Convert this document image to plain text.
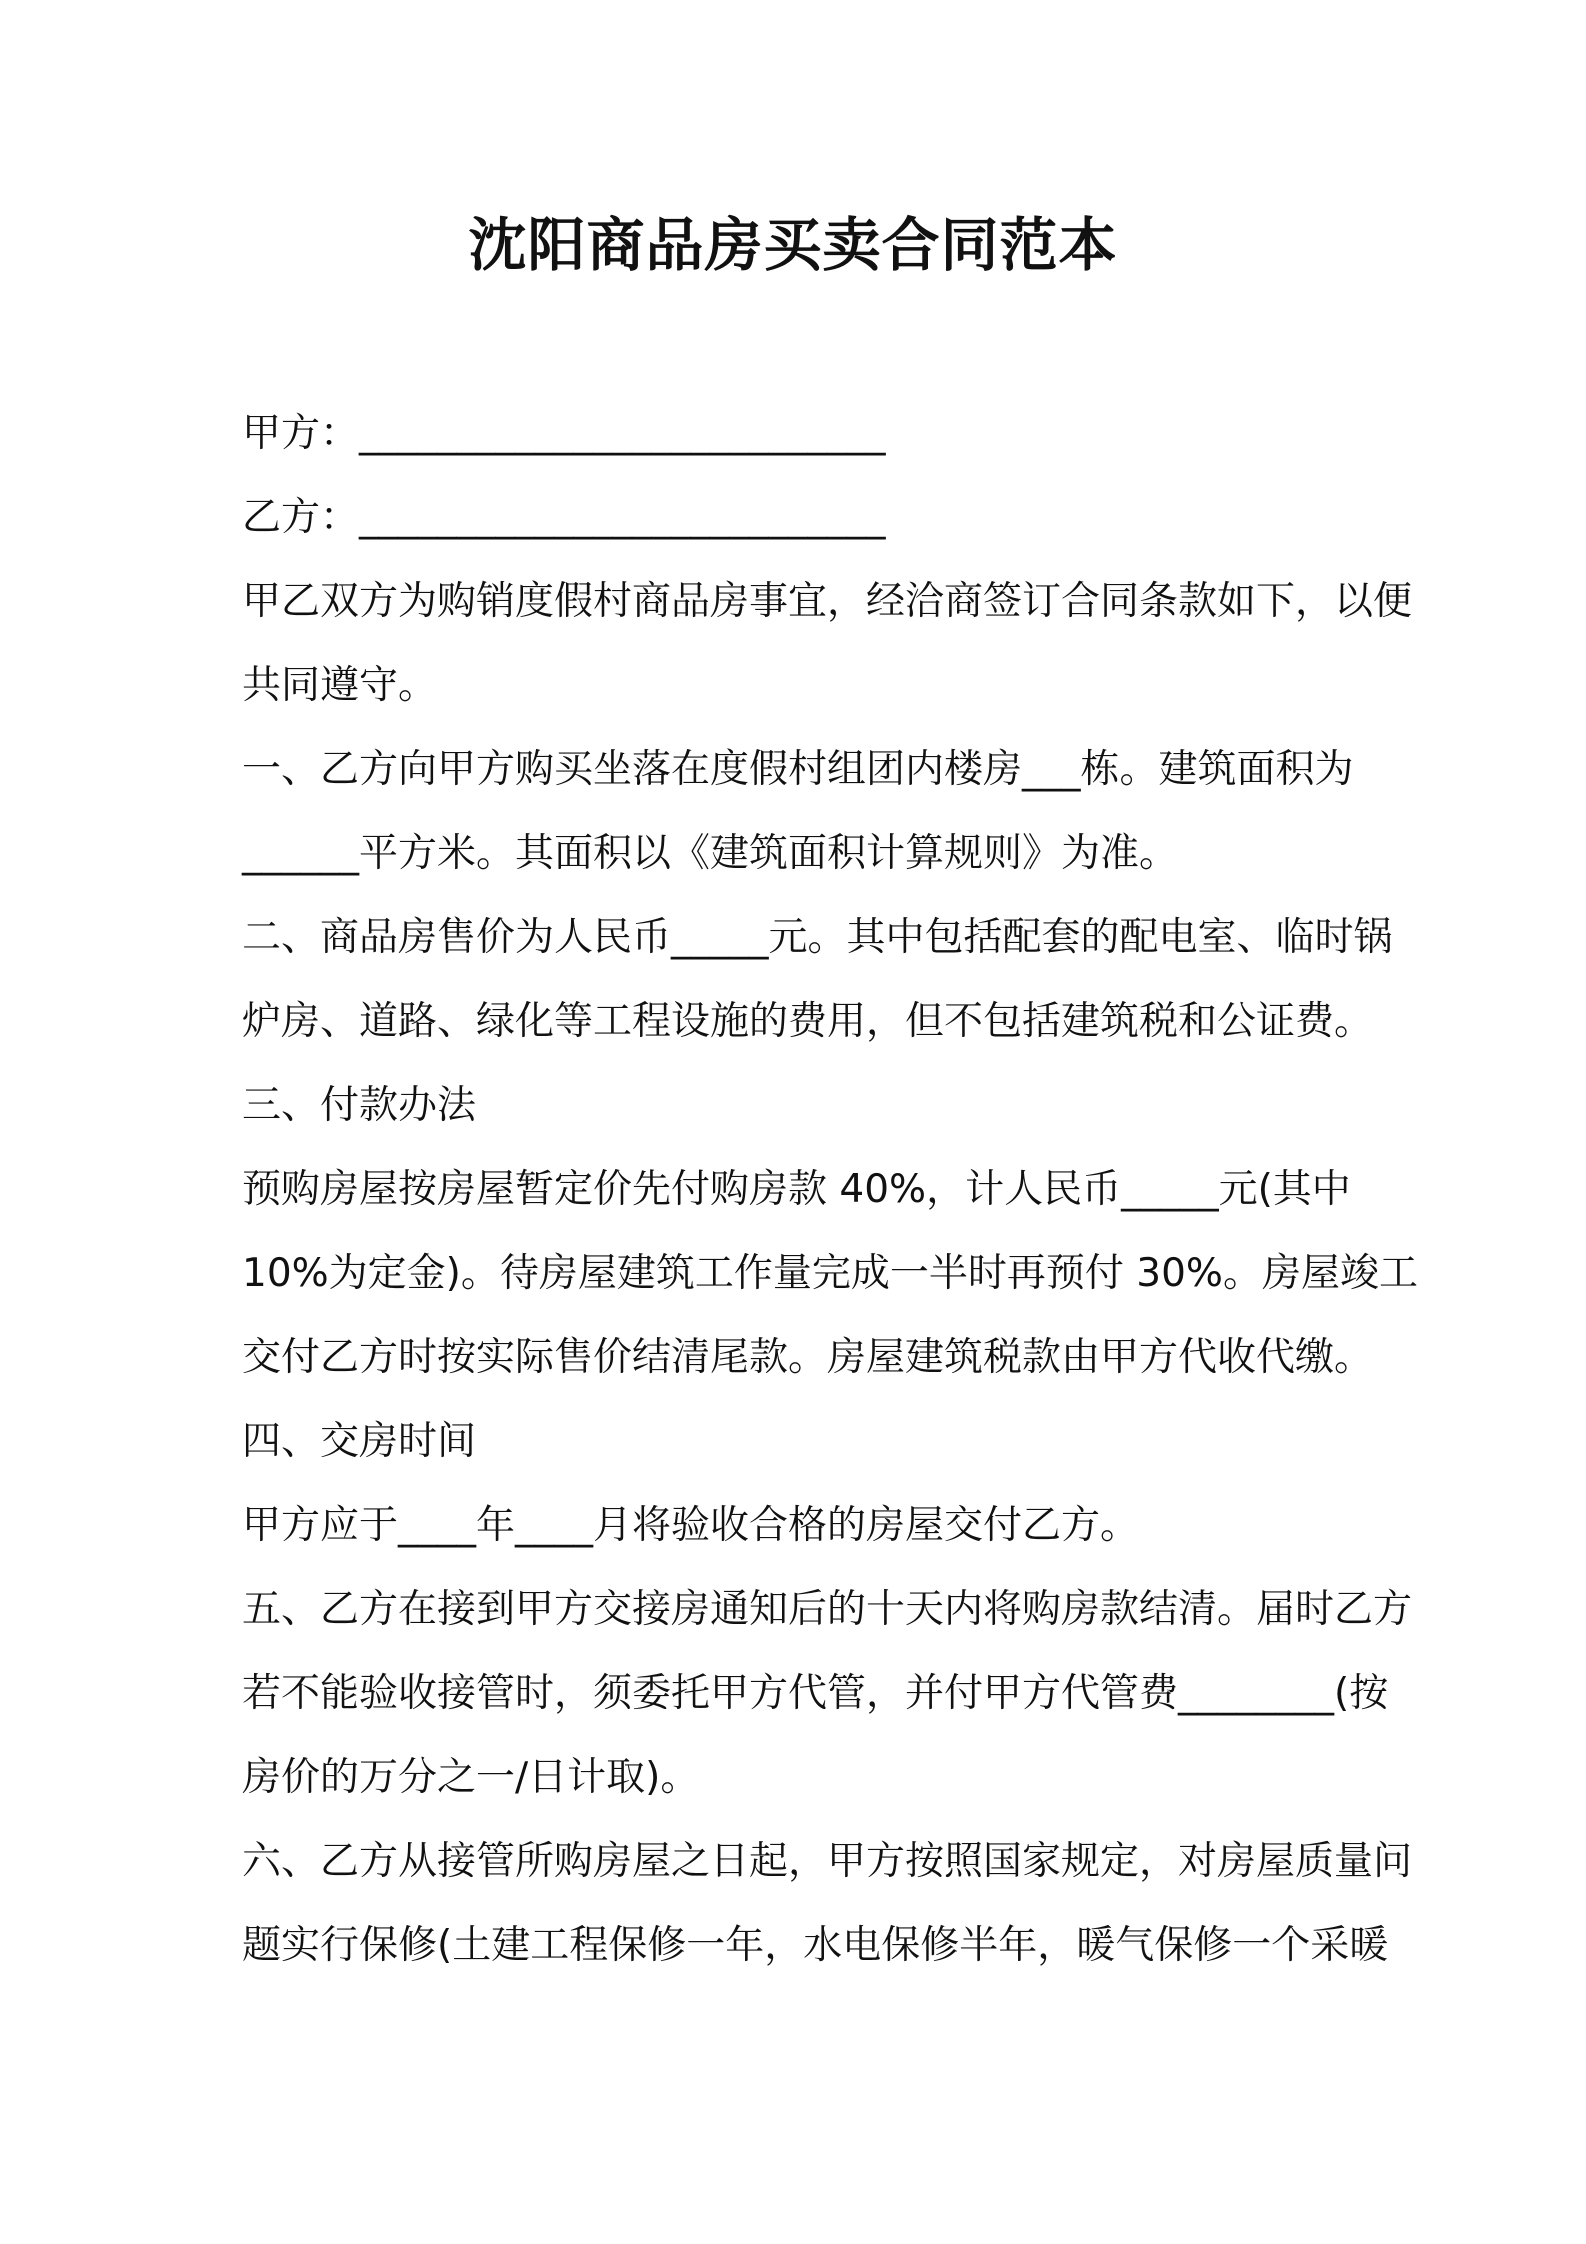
沈阳商品房买卖合同范本

甲方：___________________________

乙方：___________________________

甲乙双方为购销度假村商品房事宜，经洽商签订合同条款如下，以便

共同遵守。

一、乙方向甲方购买坐落在度假村组团内楼房___栋。建筑面积为

______平方米。其面积以《建筑面积计算规则》为准。

二、商品房售价为人民币_____元。其中包括配套的配电室、临时锅

炉房、道路、绿化等工程设施的费用，但不包括建筑税和公证费。

三、付款办法

预购房屋按房屋暂定价先付购房款 40%，计人民币_____元(其中

10%为定金)。待房屋建筑工作量完成一半时再预付 30%。房屋竣工

交付乙方时按实际售价结清尾款。房屋建筑税款由甲方代收代缴。

四、交房时间

甲方应于____年____月将验收合格的房屋交付乙方。

五、乙方在接到甲方交接房通知后的十天内将购房款结清。届时乙方

若不能验收接管时，须委托甲方代管，并付甲方代管费________(按

房价的万分之一/日计取)。

六、乙方从接管所购房屋之日起，甲方按照国家规定，对房屋质量问

题实行保修(土建工程保修一年，水电保修半年，暖气保修一个采暖
